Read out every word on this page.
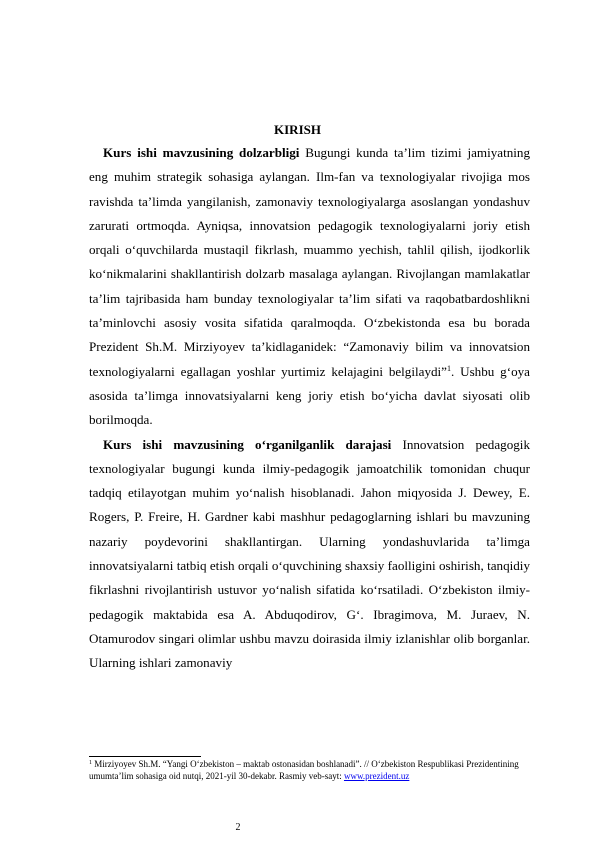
KIRISH

Kurs ishi mavzusining dolzarbligi Bugungi kunda ta’lim tizimi jamiyatning eng muhim strategik sohasiga aylangan. Ilm-fan va texnologiyalar rivojiga mos ravishda ta’limda yangilanish, zamonaviy texnologiyalarga asoslangan yondashuv zarurati ortmoqda. Ayniqsa, innovatsion pedagogik texnologiyalarni joriy etish orqali o‘quvchilarda mustaqil fikrlash, muammo yechish, tahlil qilish, ijodkorlik ko‘nikmalarini shakllantirish dolzarb masalaga aylangan. Rivojlangan mamlakatlar ta’lim tajribasida ham bunday texnologiyalar ta’lim sifati va raqobatbardoshlikni ta’minlovchi asosiy vosita sifatida qaralmoqda. O‘zbekistonda esa bu borada Prezident Sh.M. Mirziyoyev ta’kidlaganidek: “Zamonaviy bilim va innovatsion texnologiyalarni egallagan yoshlar yurtimiz kelajagini belgilaydi”$^1$. Ushbu g‘oya asosida ta’limga innovatsiyalarni keng joriy etish bo‘yicha davlat siyosati olib borilmoqda.

Kurs ishi mavzusining o‘rganilganlik darajasi Innovatsion pedagogik texnologiyalar bugungi kunda ilmiy-pedagogik jamoatchilik tomonidan chuqur tadqiq etilayotgan muhim yo‘nalish hisoblanadi. Jahon miqyosida J. Dewey, E. Rogers, P. Freire, H. Gardner kabi mashhur pedagoglarning ishlari bu mavzuning nazariy poydevorini shakllantirgan. Ularning yondashuvlarida ta’limga innovatsiyalarni tatbiq etish orqali o‘quvchining shaxsiy faolligini oshirish, tanqidiy fikrlashni rivojlantirish ustuvor yo‘nalish sifatida ko‘rsatiladi. O‘zbekiston ilmiy-pedagogik maktabida esa A. Abduqodirov, G‘. Ibragimova, M. Juraev, N. Otamurodov singari olimlar ushbu mavzu doirasida ilmiy izlanishlar olib borganlar. Ularning ishlari zamonaviy

$^1$ Mirziyoyev Sh.M. “Yangi O‘zbekiston – maktab ostonasidan boshlanadi”. // O‘zbekiston Respublikasi Prezidentining umumta’lim sohasiga oid nutqi, 2021-yil 30-dekabr. Rasmiy veb-sayt: www.prezident.uz
2
